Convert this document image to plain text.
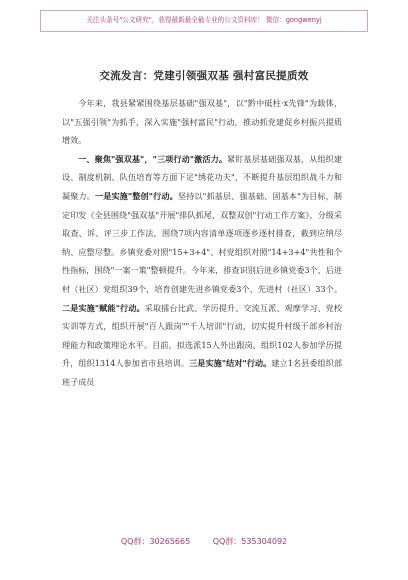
关注头条号"公文研究"，获得最新最全最专业的公文资料库！ 微信：gongwenyj
交流发言：党建引领强双基 强村富民提质效

今年来，我县紧紧围绕基层基础"强双基"，以"黔中砥柱·x先锋"为载体，以"五强引领"为抓手，深入实施"强村富民"行动，推动抓党建促乡村振兴提质增效。

一、聚焦"强双基"，"三项行动"激活力。紧盯基层基础强双基，从组织建设、制度机制、队伍培育等方面下足"绣花功夫"，不断提升基层组织战斗力和凝聚力。一是实施"整创"行动。坚持以"抓基层、强基础、固基本"为目标，制定印发《全县围绕"强双基"开展"排队抓尾、双整双创"行动工作方案》，分级采取查、诉、评三步工作法，围绕7项内容清单逐项逐乡逐村排查，截到应纳尽纳、应整尽整。乡镇党委对照"15+3+4"、村党组织对照"14+3+4"共性和个性指标，围绕"一案一策"整顿提升。今年来，排查识别后进乡镇党委3个、后进村（社区）党组织39个，培育创建先进乡镇党委3个、先进村（社区）33个。二是实施"赋能"行动。采取擂台比武、学历提升、交流互派、观摩学习、党校实训等方式，组织开展"百人跟岗""千人培训"行动，切实提升村级干部乡村治理能力和政策理论水平。目前，拟选派15人外出跟岗，组织102人参加学历提升，组织1314人参加省市县培训。三是实施"结对"行动。建立1名县委组织部班子成员

QQ群：30265665	QQ群：535304092
